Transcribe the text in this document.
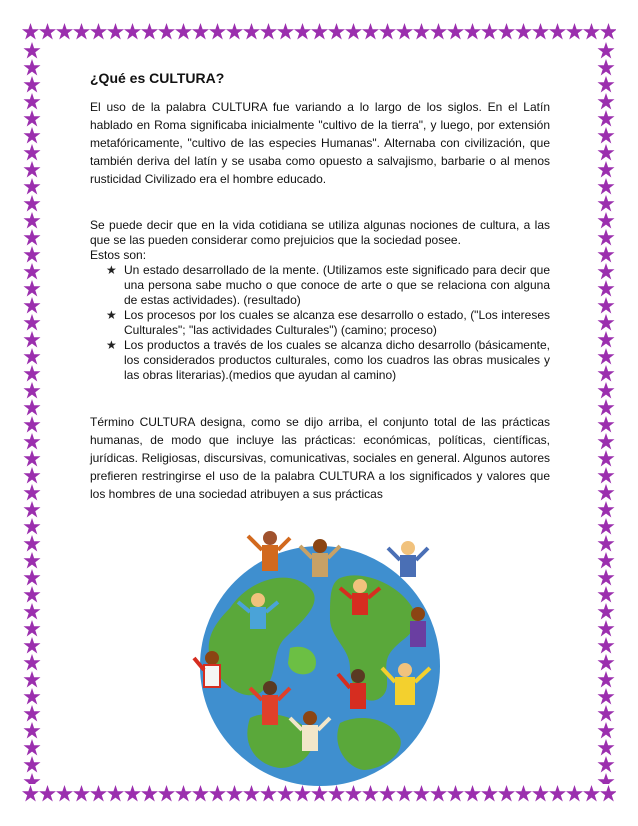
¿Qué es CULTURA?

El uso de la palabra CULTURA fue variando a lo largo de los siglos. En el Latín hablado en Roma significaba inicialmente "cultivo de la tierra", y luego, por extensión metafóricamente, "cultivo de las especies Humanas". Alternaba con civilización, que también deriva del latín y se usaba como opuesto a salvajismo, barbarie o al menos rusticidad Civilizado era el hombre educado.

Se puede decir que en la vida cotidiana se utiliza algunas nociones de cultura, a las que se las pueden considerar como prejuicios que la sociedad posee.

Estos son:

★ Un estado desarrollado de la mente. (Utilizamos este significado para decir que una persona sabe mucho o que conoce de arte o que se relaciona con alguna de estas actividades). (resultado)
★ Los procesos por los cuales se alcanza ese desarrollo o estado, ("Los intereses Culturales"; "las actividades Culturales") (camino; proceso)
★ Los productos a través de los cuales se alcanza dicho desarrollo (básicamente, los considerados productos culturales, como los cuadros las obras musicales y las obras literarias).(medios que ayudan al camino)

Término CULTURA designa, como se dijo arriba, el conjunto total de las prácticas humanas, de modo que incluye las prácticas: económicas, políticas, científicas, jurídicas. Religiosas, discursivas, comunicativas, sociales en general. Algunos autores prefieren restringirse el uso de la palabra CULTURA a los significados y valores que los hombres de una sociedad atribuyen a sus prácticas
